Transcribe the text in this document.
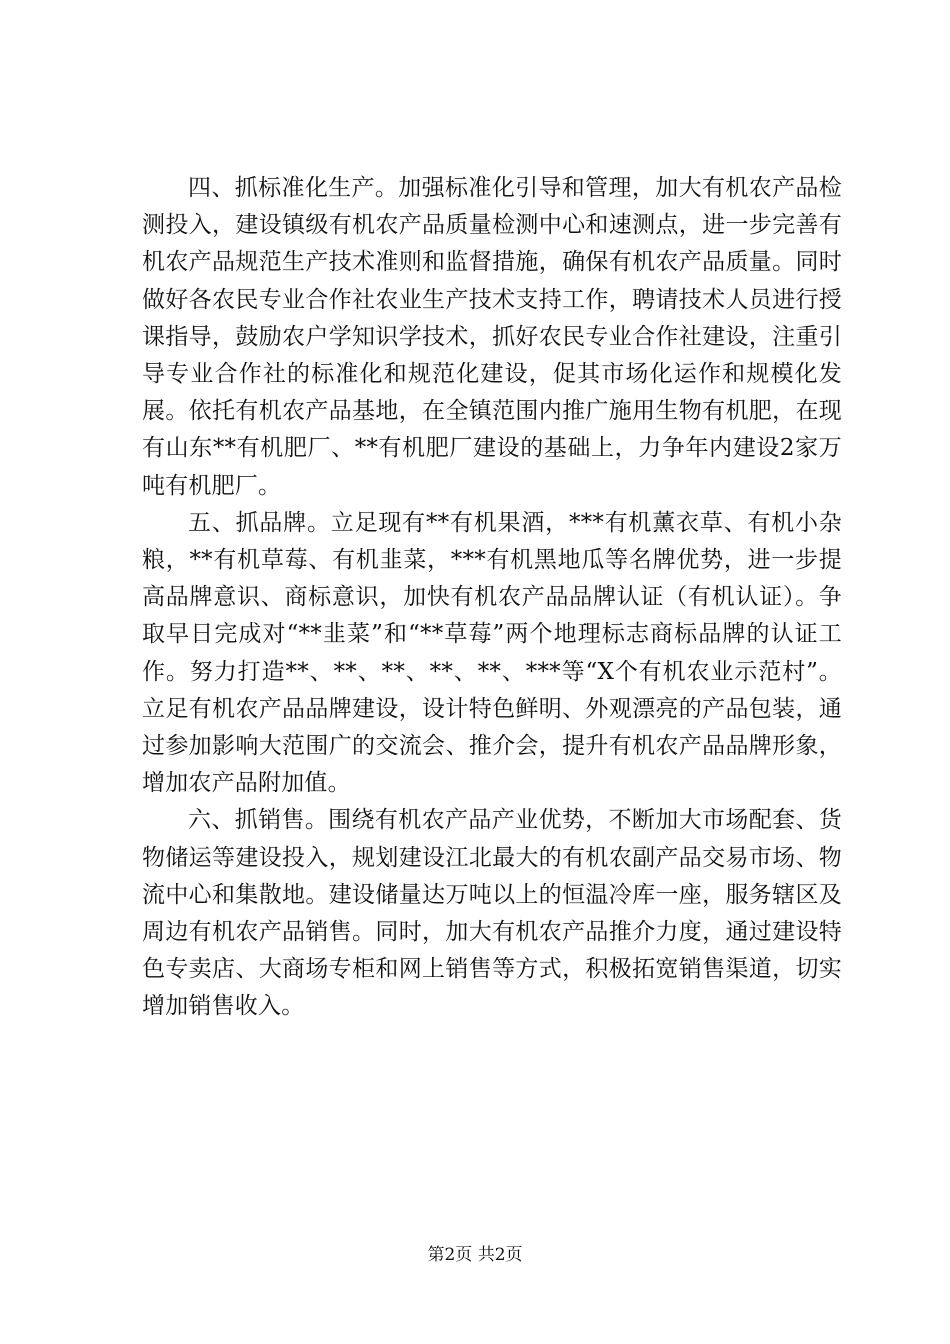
四、抓标准化生产。加强标准化引导和管理，加大有机农产品检测投入，建设镇级有机农产品质量检测中心和速测点，进一步完善有机农产品规范生产技术准则和监督措施，确保有机农产品质量。同时做好各农民专业合作社农业生产技术支持工作，聘请技术人员进行授课指导，鼓励农户学知识学技术，抓好农民专业合作社建设，注重引导专业合作社的标准化和规范化建设，促其市场化运作和规模化发展。依托有机农产品基地，在全镇范围内推广施用生物有机肥，在现有山东**有机肥厂、**有机肥厂建设的基础上，力争年内建设2家万吨有机肥厂。

五、抓品牌。立足现有**有机果酒，***有机薰衣草、有机小杂粮，**有机草莓、有机韭菜，***有机黑地瓜等名牌优势，进一步提高品牌意识、商标意识，加快有机农产品品牌认证（有机认证）。争取早日完成对“**韭菜”和“**草莓”两个地理标志商标品牌的认证工作。努力打造**、**、**、**、**、***等“X个有机农业示范村”。立足有机农产品品牌建设，设计特色鲜明、外观漂亮的产品包装，通过参加影响大范围广的交流会、推介会，提升有机农产品品牌形象，增加农产品附加值。

六、抓销售。围绕有机农产品产业优势，不断加大市场配套、货物储运等建设投入，规划建设江北最大的有机农副产品交易市场、物流中心和集散地。建设储量达万吨以上的恒温冷库一座，服务辖区及周边有机农产品销售。同时，加大有机农产品推介力度，通过建设特色专卖店、大商场专柜和网上销售等方式，积极拓宽销售渠道，切实增加销售收入。

第2页 共2页
